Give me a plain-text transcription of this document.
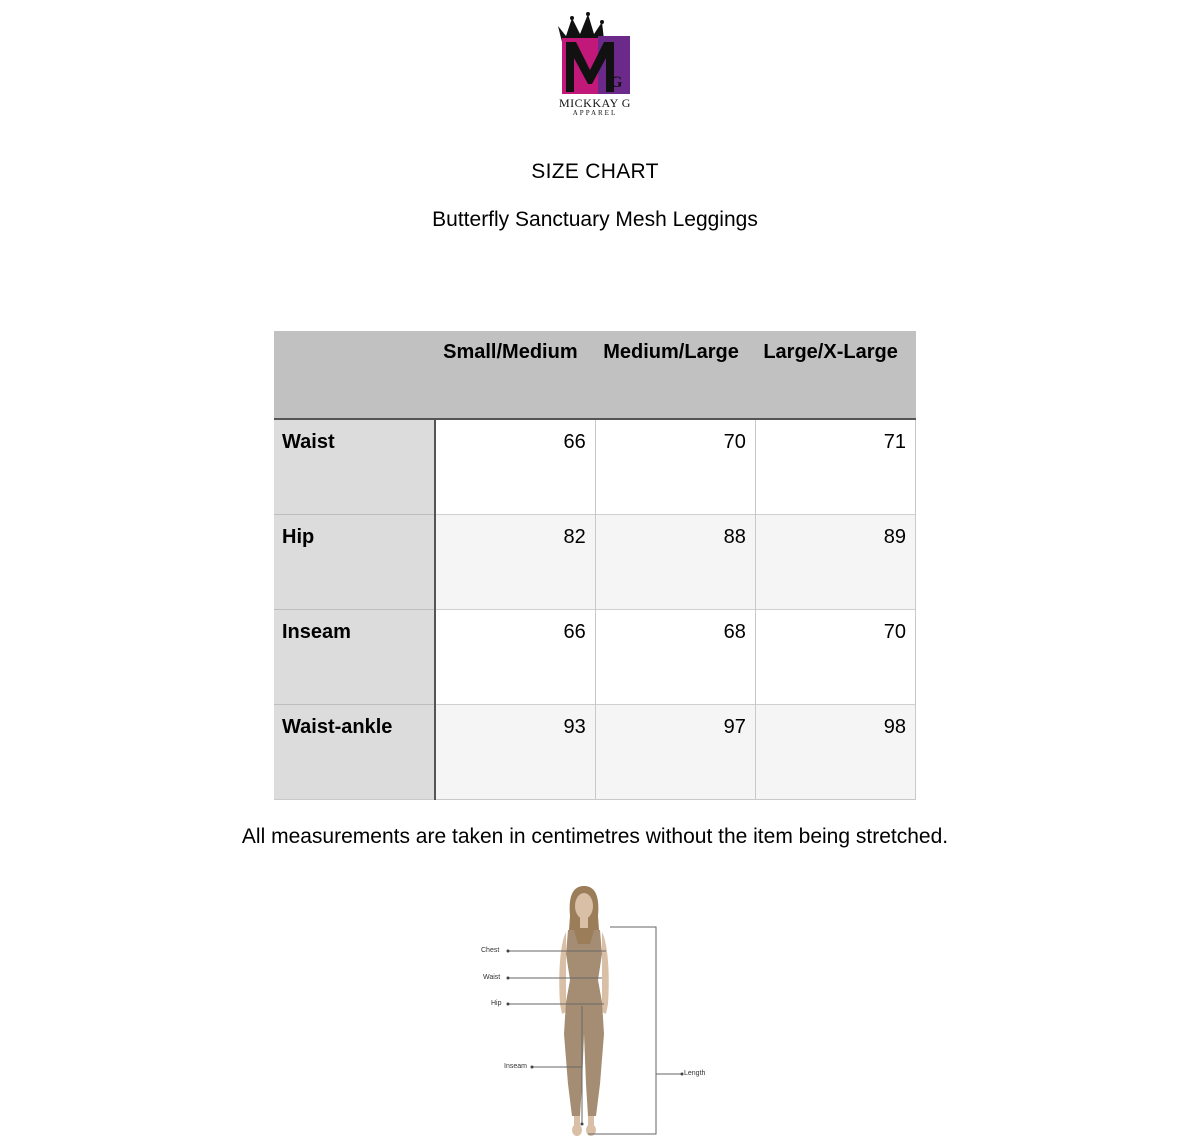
G
MICKKAY G
APPAREL
SIZE CHART
Butterfly Sanctuary Mesh Leggings
	Small/Medium	Medium/Large	Large/X-Large
Waist	66	70	71
Hip	82	88	89
Inseam	66	68	70
Waist-ankle	93	97	98
All measurements are taken in centimetres without the item being stretched.
Chest
Waist
Hip
Inseam
Length
